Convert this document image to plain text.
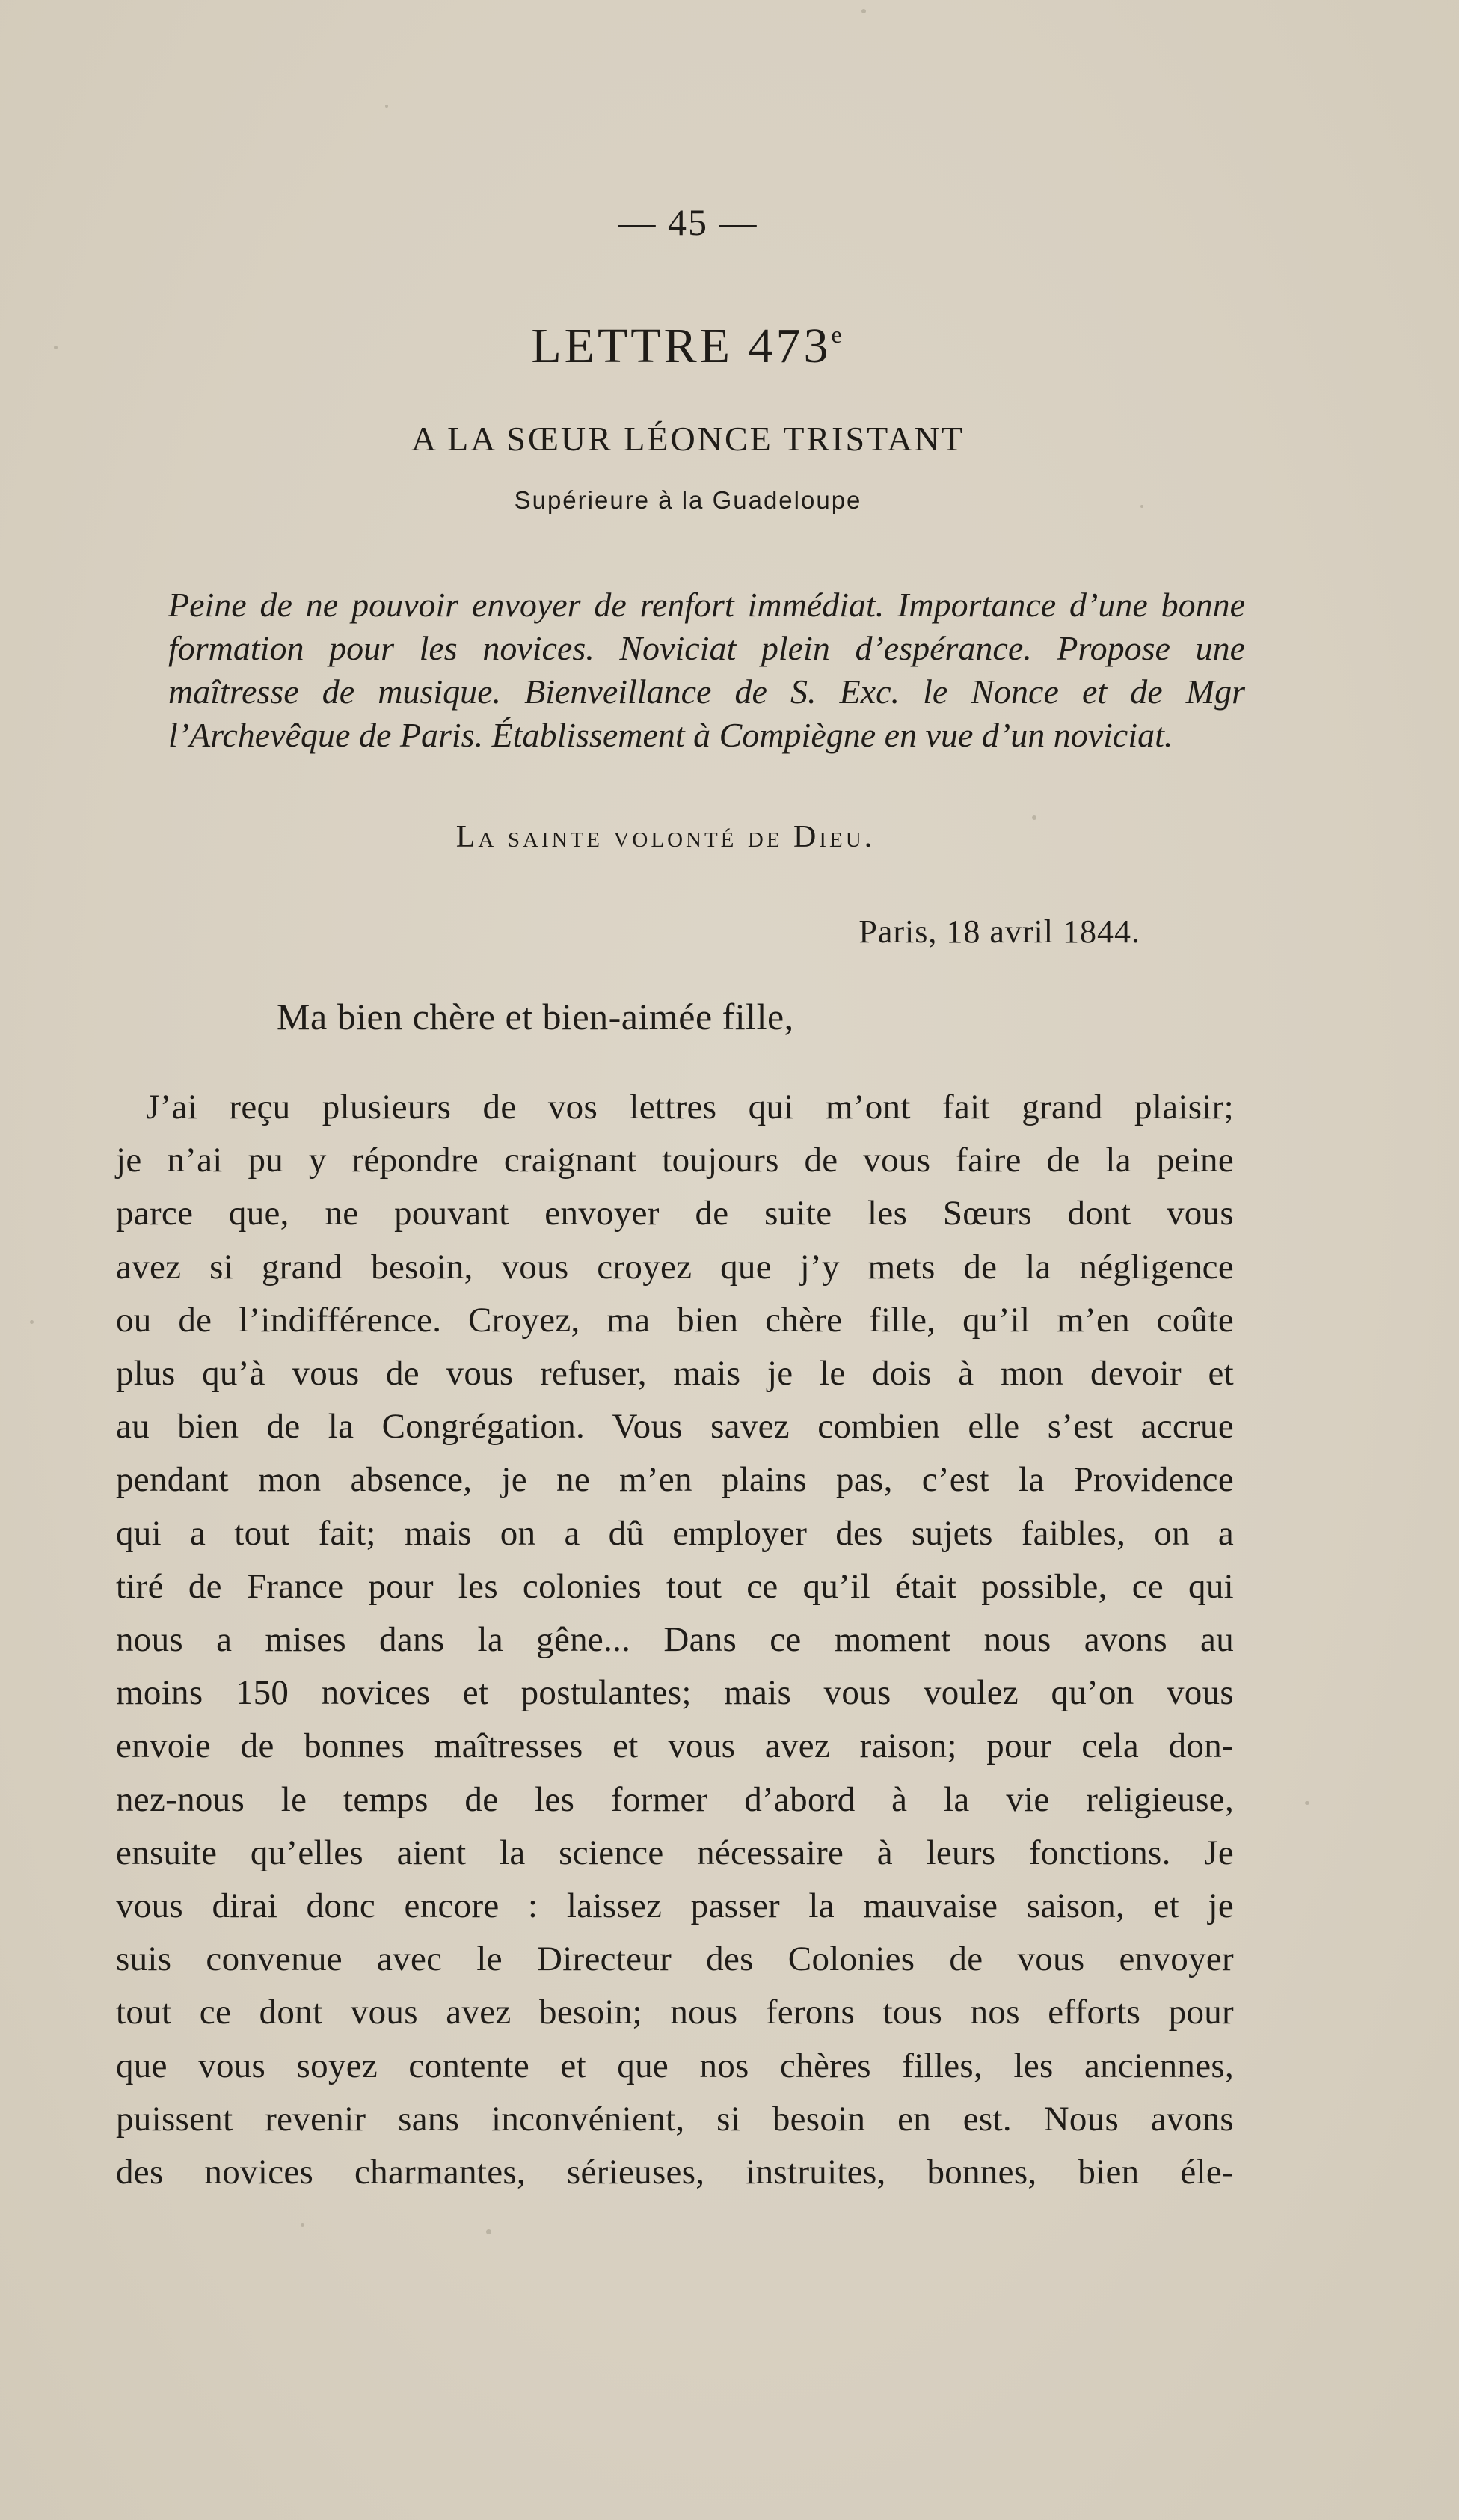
— 45 —
LETTRE 473e
A LA SŒUR LÉONCE TRISTANT
Supérieure à la Guadeloupe
Peine de ne pouvoir envoyer de renfort immédiat. Importance d’une bonne formation pour les novices. Noviciat plein d’espérance. Propose une maîtresse de musique. Bienveillance de S. Exc. le Nonce et de Mgr l’Archevêque de Paris. Établissement à Compiègne en vue d’un noviciat.
La sainte volonté de Dieu.
Paris, 18 avril 1844.
Ma bien chère et bien-aimée fille,
J’ai reçu plusieurs de vos lettres qui m’ont fait grand plaisir;
je n’ai pu y répondre craignant toujours de vous faire de la peine
parce que, ne pouvant envoyer de suite les Sœurs dont vous
avez si grand besoin, vous croyez que j’y mets de la négligence
ou de l’indifférence. Croyez, ma bien chère fille, qu’il m’en coûte
plus qu’à vous de vous refuser, mais je le dois à mon devoir et
au bien de la Congrégation. Vous savez combien elle s’est accrue
pendant mon absence, je ne m’en plains pas, c’est la Providence
qui a tout fait; mais on a dû employer des sujets faibles, on a
tiré de France pour les colonies tout ce qu’il était possible, ce qui
nous a mises dans la gêne... Dans ce moment nous avons au
moins 150 novices et postulantes; mais vous voulez qu’on vous
envoie de bonnes maîtresses et vous avez raison; pour cela don-
nez-nous le temps de les former d’abord à la vie religieuse,
ensuite qu’elles aient la science nécessaire à leurs fonctions. Je
vous dirai donc encore : laissez passer la mauvaise saison, et je
suis convenue avec le Directeur des Colonies de vous envoyer
tout ce dont vous avez besoin; nous ferons tous nos efforts pour
que vous soyez contente et que nos chères filles, les anciennes,
puissent revenir sans inconvénient, si besoin en est. Nous avons
des novices charmantes, sérieuses, instruites, bonnes, bien éle-
